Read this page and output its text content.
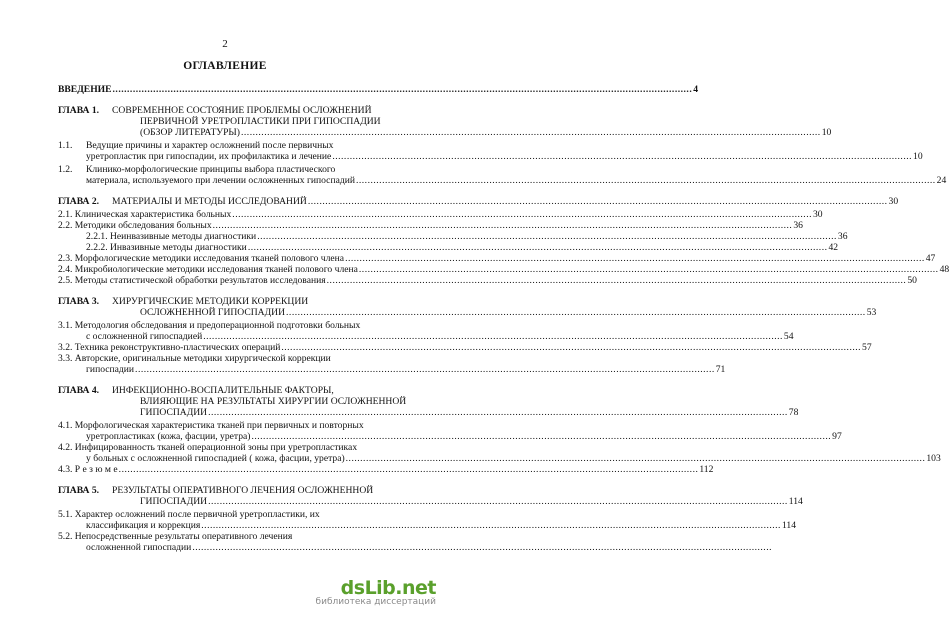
2
ОГЛАВЛЕНИЕ
ВВЕДЕНИЕ .....	4
ГЛАВА 1.	СОВРЕМЕННОЕ СОСТОЯНИЕ ПРОБЛЕМЫ ОСЛОЖНЕНИЙ
ПЕРВИЧНОЙ УРЕТРОПЛАСТИКИ ПРИ ГИПОСПАДИИ
(ОБЗОР ЛИТЕРАТУРЫ) .....	10
1.1.	Ведущие причины и характер осложнений после первичных
уретропластик при гипоспадии, их профилактика и лечение .....	10
1.2.	Клинико-морфологические принципы выбора пластического
материала, используемого при лечении осложненных гипоспадий .....	24
ГЛАВА 2.	МАТЕРИАЛЫ И МЕТОДЫ ИССЛЕДОВАНИЙ .....	30
2.1. Клиническая характеристика больных .....	30
2.2. Методики обследования больных .....	36
2.2.1. Неинвазивные методы диагностики .....	36
2.2.2. Инвазивные методы диагностики .....	42
2.3. Морфологические методики исследования тканей полового члена .....	47
2.4. Микробиологические методики исследования тканей полового члена .....	48
2.5. Методы статистической обработки результатов исследования .....	50
ГЛАВА 3.	ХИРУРГИЧЕСКИЕ МЕТОДИКИ КОРРЕКЦИИ
ОСЛОЖНЕННОЙ ГИПОСПАДИИ .....	53
3.1. Методология обследования и предоперационной подготовки больных
с осложненной гипоспадией .....	54
3.2. Техника реконструктивно-пластических операций .....	57
3.3. Авторские, оригинальные методики хирургической коррекции
гипоспадии .....	71
ГЛАВА 4.	ИНФЕКЦИОННО-ВОСПАЛИТЕЛЬНЫЕ ФАКТОРЫ,
ВЛИЯЮЩИЕ НА РЕЗУЛЬТАТЫ ХИРУРГИИ ОСЛОЖНЕННОЙ
ГИПОСПАДИИ .....	78
4.1. Морфологическая характеристика тканей при первичных и повторных
уретропластиках (кожа, фасции, уретра) .....	97
4.2. Инфицированность тканей операционной зоны при уретропластиках
у больных с осложненной гипоспадией ( кожа, фасции, уретра) .....	103
4.3. Р е з ю м е .....	112
ГЛАВА 5.	РЕЗУЛЬТАТЫ ОПЕРАТИВНОГО ЛЕЧЕНИЯ ОСЛОЖНЕННОЙ
ГИПОСПАДИИ .....	114
5.1. Характер осложнений после первичной уретропластики, их
классификация и коррекция .....	114
5.2. Непосредственные результаты оперативного лечения
осложненной гипоспадии
.....
dsLib.net
библиотека диссертаций
